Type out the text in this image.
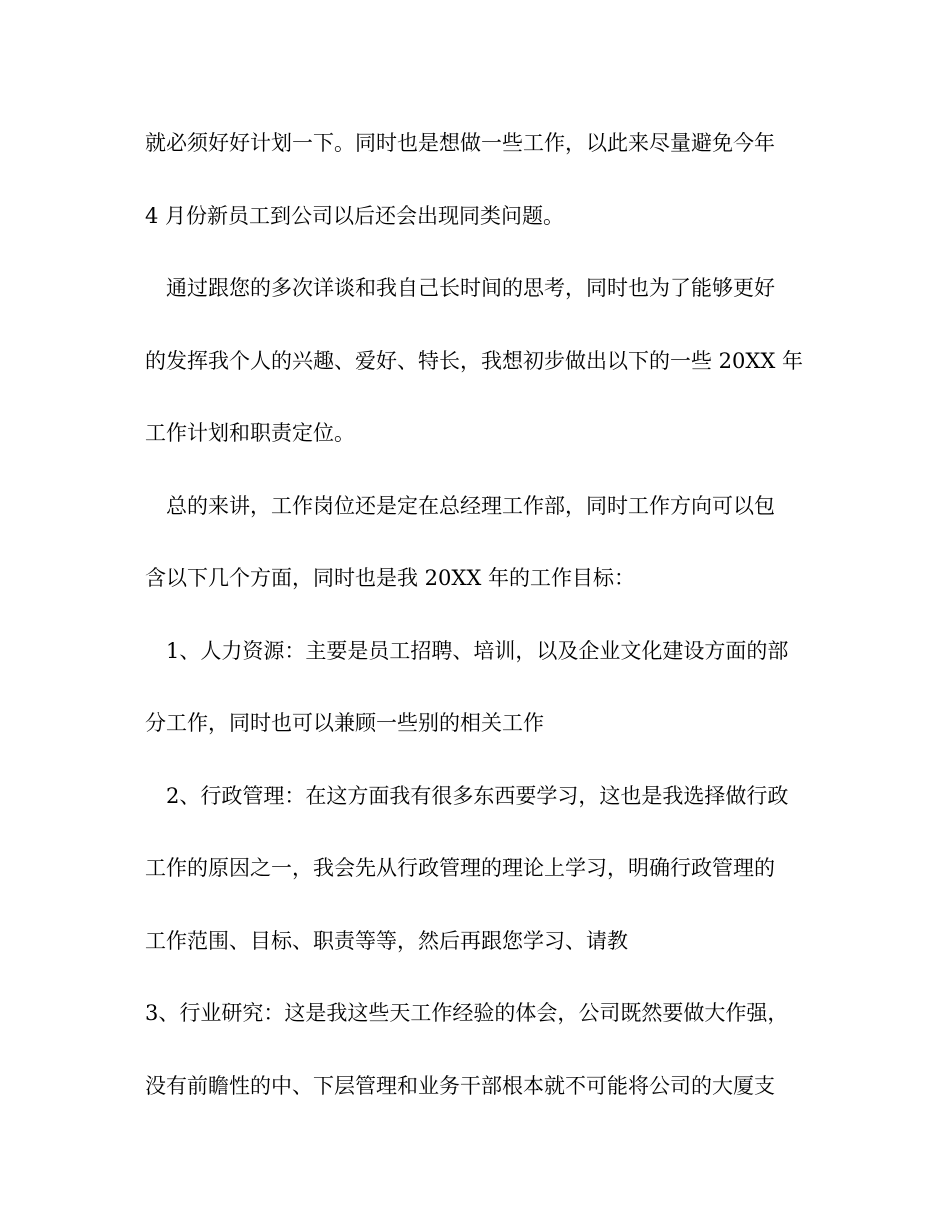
就必须好好计划一下。同时也是想做一些工作，以此来尽量避免今年
4 月份新员工到公司以后还会出现同类问题。
　通过跟您的多次详谈和我自己长时间的思考，同时也为了能够更好
的发挥我个人的兴趣、爱好、特长，我想初步做出以下的一些 20XX 年
工作计划和职责定位。
　总的来讲，工作岗位还是定在总经理工作部，同时工作方向可以包
含以下几个方面，同时也是我 20XX 年的工作目标：
　1、人力资源：主要是员工招聘、培训，以及企业文化建设方面的部
分工作，同时也可以兼顾一些别的相关工作
　2、行政管理：在这方面我有很多东西要学习，这也是我选择做行政
工作的原因之一，我会先从行政管理的理论上学习，明确行政管理的
工作范围、目标、职责等等，然后再跟您学习、请教
3、行业研究：这是我这些天工作经验的体会，公司既然要做大作强，
没有前瞻性的中、下层管理和业务干部根本就不可能将公司的大厦支
